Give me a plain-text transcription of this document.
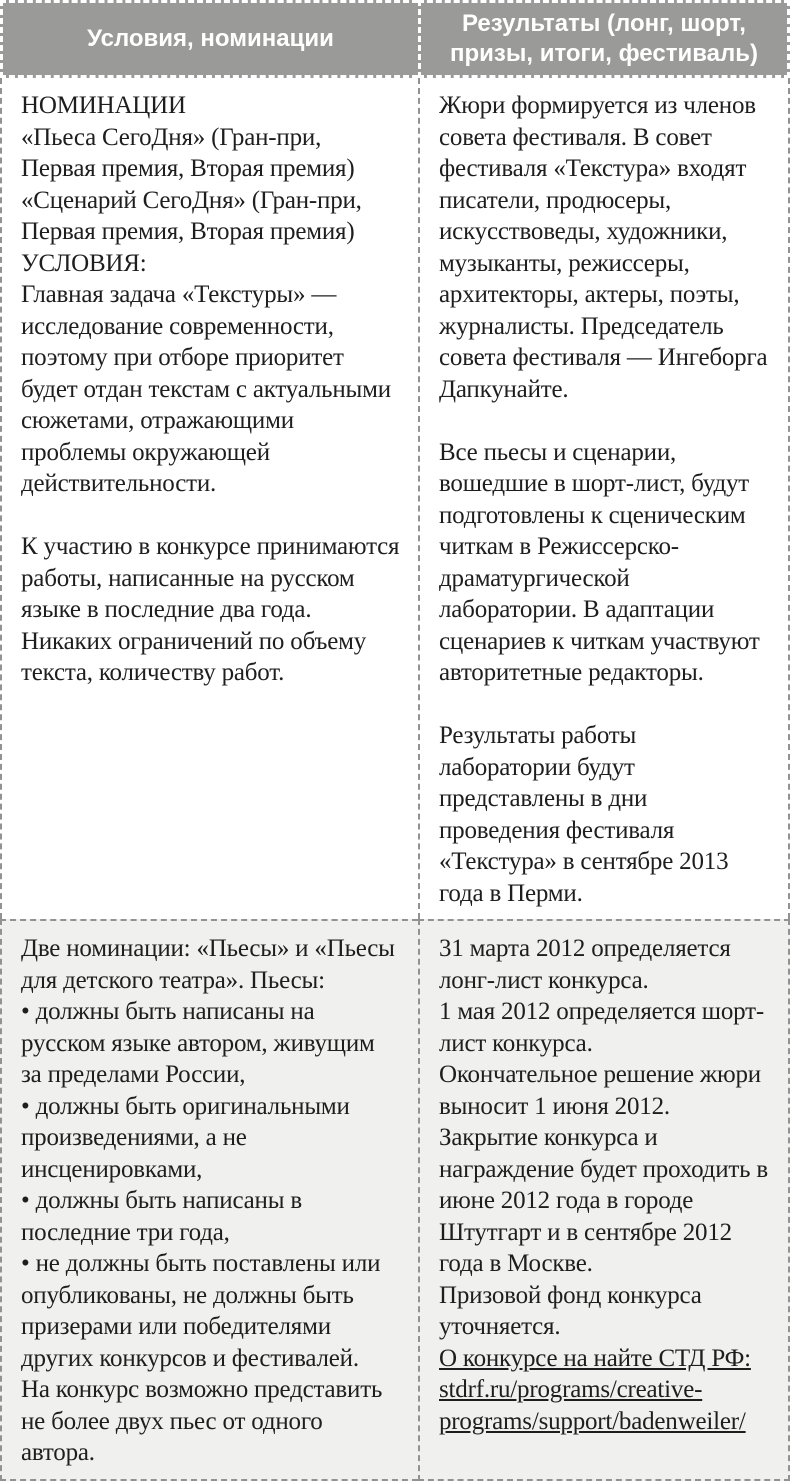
Условия, номинации
Результаты (лонг, шорт, призы, итоги, фестиваль)

НОМИНАЦИИ

«Пьеса СегоДня» (Гран-при, Первая премия, Вторая премия)

«Сценарий СегоДня» (Гран-при, Первая премия, Вторая премия)

УСЛОВИЯ:

Главная задача «Текстуры» — исследование современности, поэтому при отборе приоритет будет отдан текстам с актуальными сюжетами, отражающими проблемы окружающей действительности.

К участию в конкурсе принимаются работы, написанные на русском языке в последние два года. Никаких ограничений по объему текста, количеству работ.

Жюри формируется из членов совета фестиваля. В совет фестиваля «Текстура» входят писатели, продюсеры, искусствоведы, художники, музыканты, режиссеры, архитекторы, актеры, поэты, журналисты. Председатель совета фестиваля — Ингеборга Дапкунайте.

Все пьесы и сценарии, вошедшие в шорт-лист, будут подготовлены к сценическим читкам в Режиссерско-драматургической лаборатории. В адаптации сценариев к читкам участвуют авторитетные редакторы.

Результаты работы лаборатории будут представлены в дни проведения фестиваля «Текстура» в сентябре 2013 года в Перми.

Две номинации: «Пьесы» и «Пьесы для детского театра». Пьесы:

• должны быть написаны на русском языке автором, живущим за пределами России,

• должны быть оригинальными произведениями, а не инсценировками,

• должны быть написаны в последние три года,

• не должны быть поставлены или опубликованы, не должны быть призерами или победителями других конкурсов и фестивалей.

На конкурс возможно представить не более двух пьес от одного автора.

31 марта 2012 определяется лонг-лист конкурса.

1 мая 2012 определяется шорт-лист конкурса.

Окончательное решение жюри выносит 1 июня 2012.

Закрытие конкурса и награждение будет проходить в июне 2012 года в городе Штутгарт и в сентябре 2012 года в Москве.

Призовой фонд конкурса уточняется.

О конкурсе на найте СТД РФ: stdrf.ru/programs/creative-programs/support/badenweiler/
